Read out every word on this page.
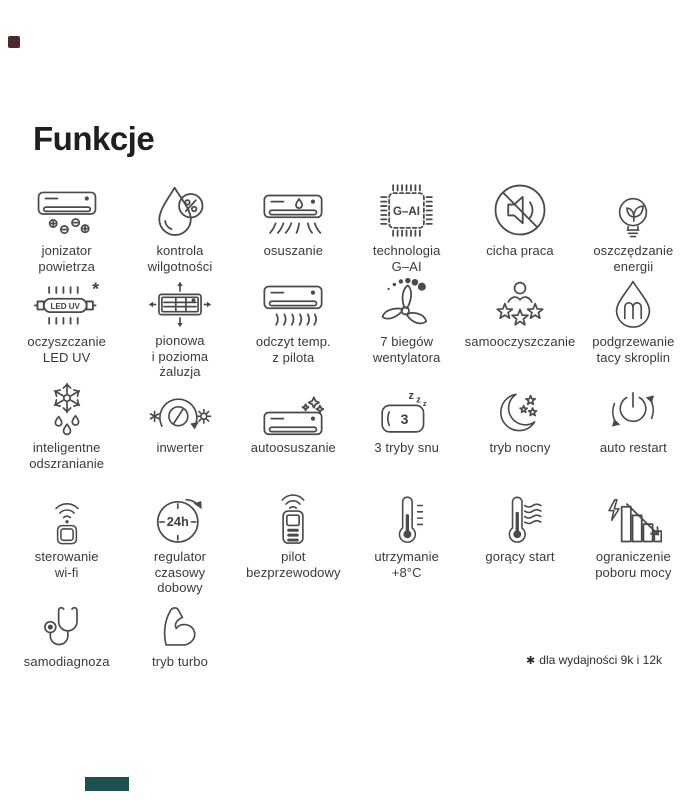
Funkcje
jonizator
powietrza
kontrola
wilgotności
osuszanie
G–AI
technologia
G–AI
cicha praca	oszczędzanie
energii
LED UV
*
oczyszczanie
LED UV
pionowa
i pozioma
żaluzja
odczyt temp.
z pilota
7 biegów
wentylatora
samooczyszczanie podgrzewanie
tacy skroplin
inteligentne
odszranianie
inwerter	autoosuszanie
3
z z z
3 tryby snu	tryb nocny	auto restart
sterowanie
wi-fi
24h
regulator
czasowy
dobowy
pilot
bezprzewodowy
utrzymanie
+8°C
gorący start	ograniczenie
poboru mocy
samodiagnoza	tryb turbo	✱ dla wydajności 9k i 12k
